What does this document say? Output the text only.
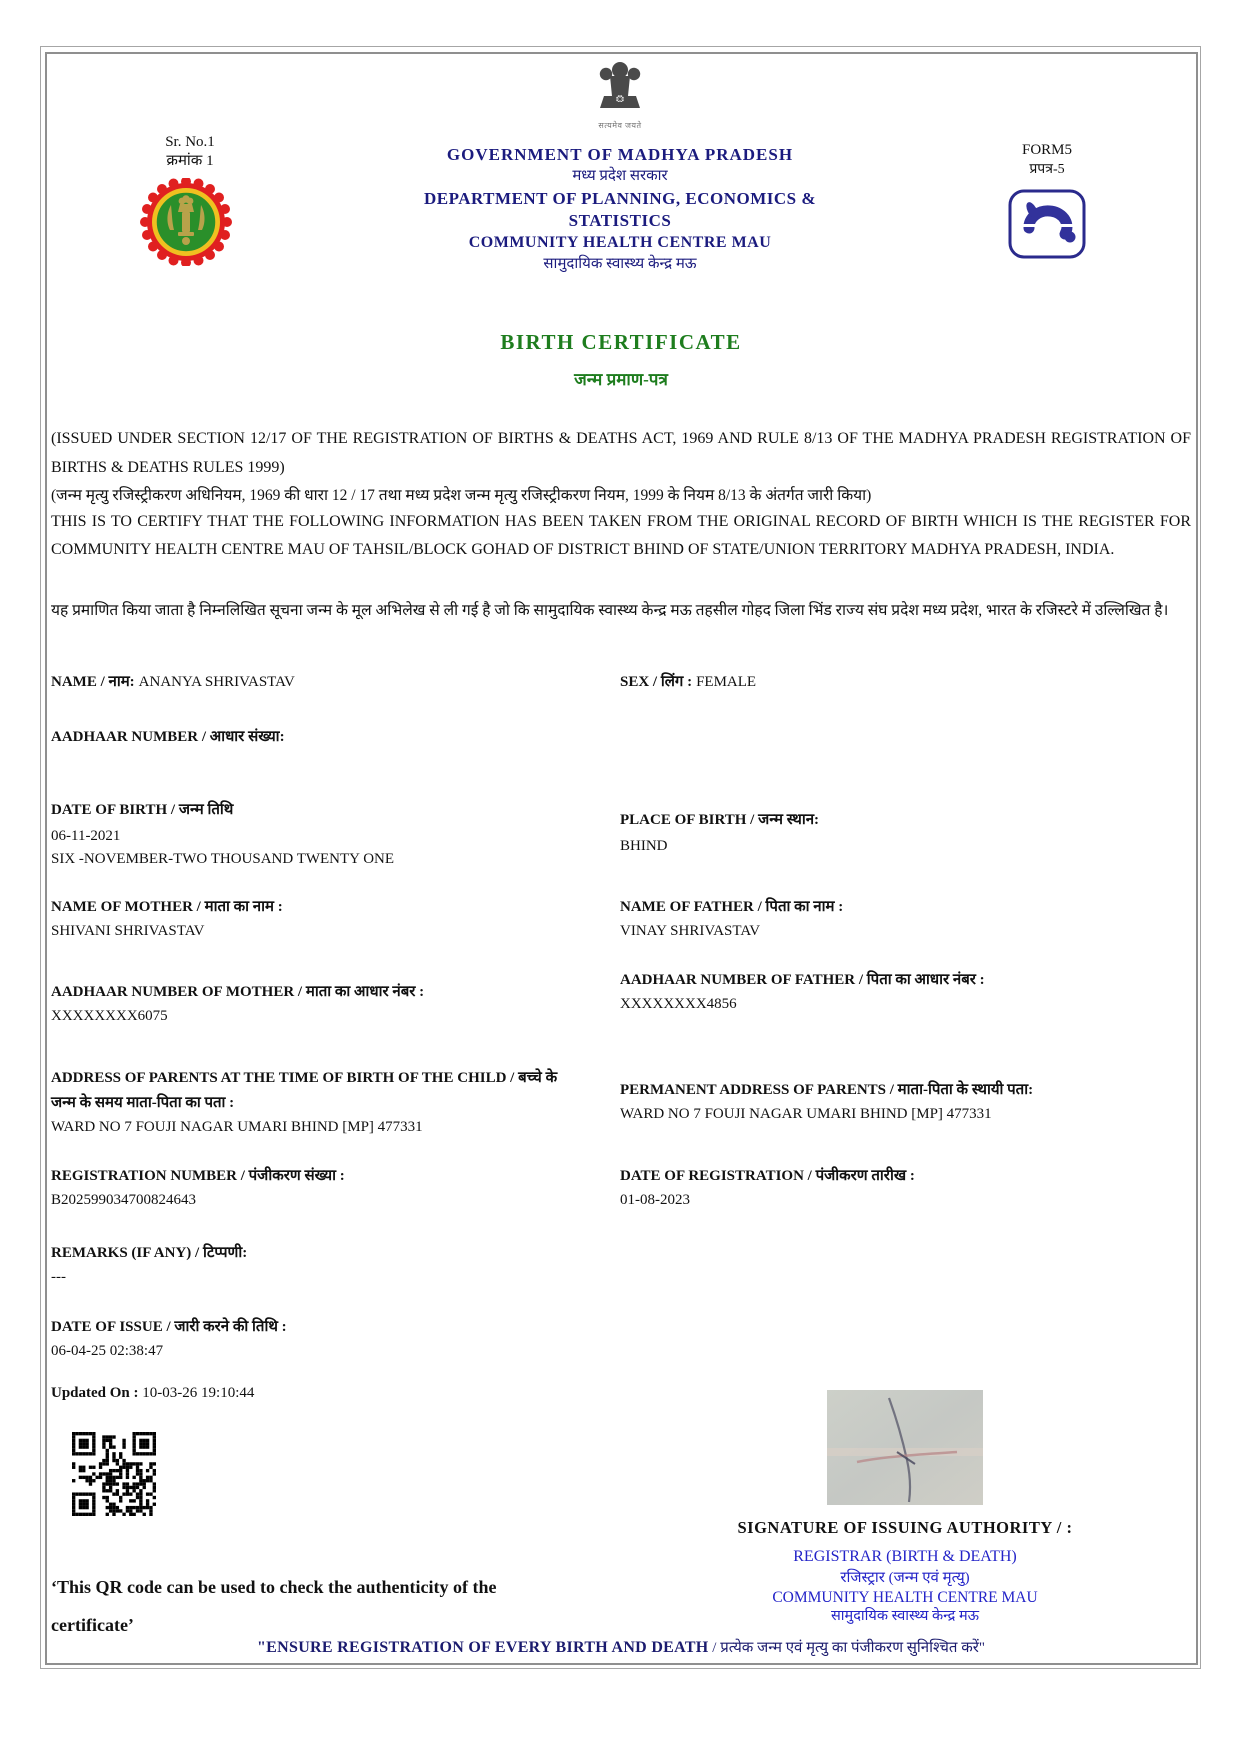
Sr. No.1
क्रमांक 1
सत्यमेव जयते
GOVERNMENT OF MADHYA PRADESH
मध्य प्रदेश सरकार
DEPARTMENT OF PLANNING, ECONOMICS &
STATISTICS
COMMUNITY HEALTH CENTRE MAU
सामुदायिक स्वास्थ्य केन्द्र मऊ
FORM5
प्रपत्र-5
BIRTH CERTIFICATE
जन्म प्रमाण-पत्र
(ISSUED UNDER SECTION 12/17 OF THE REGISTRATION OF BIRTHS & DEATHS ACT, 1969 AND RULE 8/13 OF THE MADHYA PRADESH REGISTRATION OF BIRTHS & DEATHS RULES 1999)
(जन्म मृत्यु रजिस्ट्रीकरण अधिनियम, 1969 की धारा 12 / 17 तथा मध्य प्रदेश जन्म मृत्यु रजिस्ट्रीकरण नियम, 1999 के नियम 8/13 के अंतर्गत जारी किया)
THIS IS TO CERTIFY THAT THE FOLLOWING INFORMATION HAS BEEN TAKEN FROM THE ORIGINAL RECORD OF BIRTH WHICH IS THE REGISTER FOR COMMUNITY HEALTH CENTRE MAU OF TAHSIL/BLOCK GOHAD OF DISTRICT BHIND OF STATE/UNION TERRITORY MADHYA PRADESH, INDIA.
यह प्रमाणित किया जाता है निम्नलिखित सूचना जन्म के मूल अभिलेख से ली गई है जो कि सामुदायिक स्वास्थ्य केन्द्र मऊ तहसील गोहद जिला भिंड राज्य संघ प्रदेश मध्य प्रदेश, भारत के रजिस्टरे में उल्लिखित है।
NAME / नाम: ANANYA SHRIVASTAV	SEX / लिंग : FEMALE
AADHAAR NUMBER / आधार संख्या:
DATE OF BIRTH / जन्म तिथि
06-11-2021
SIX -NOVEMBER-TWO THOUSAND TWENTY ONE
PLACE OF BIRTH / जन्म स्थान:
BHIND
NAME OF MOTHER / माता का नाम :
SHIVANI SHRIVASTAV
NAME OF FATHER / पिता का नाम :
VINAY SHRIVASTAV
AADHAAR NUMBER OF MOTHER / माता का आधार नंबर :
XXXXXXXX6075
AADHAAR NUMBER OF FATHER / पिता का आधार नंबर :
XXXXXXXX4856
ADDRESS OF PARENTS AT THE TIME OF BIRTH OF THE CHILD / बच्चे के जन्म के समय माता-पिता का पता :
WARD NO 7 FOUJI NAGAR UMARI BHIND [MP] 477331
PERMANENT ADDRESS OF PARENTS / माता-पिता के स्थायी पता:
WARD NO 7 FOUJI NAGAR UMARI BHIND [MP] 477331
REGISTRATION NUMBER / पंजीकरण संख्या :
B202599034700824643
DATE OF REGISTRATION / पंजीकरण तारीख :
01-08-2023
REMARKS (IF ANY) / टिप्पणी:
---
DATE OF ISSUE / जारी करने की तिथि :
06-04-25 02:38:47
Updated On : 10-03-26 19:10:44
‘This QR code can be used to check the authenticity of the certificate’
SIGNATURE OF ISSUING AUTHORITY / :
REGISTRAR (BIRTH & DEATH)
रजिस्ट्रार (जन्म एवं मृत्यु)
COMMUNITY HEALTH CENTRE MAU
सामुदायिक स्वास्थ्य केन्द्र मऊ
"ENSURE REGISTRATION OF EVERY BIRTH AND DEATH / प्रत्येक जन्म एवं मृत्यु का पंजीकरण सुनिश्चित करें"
